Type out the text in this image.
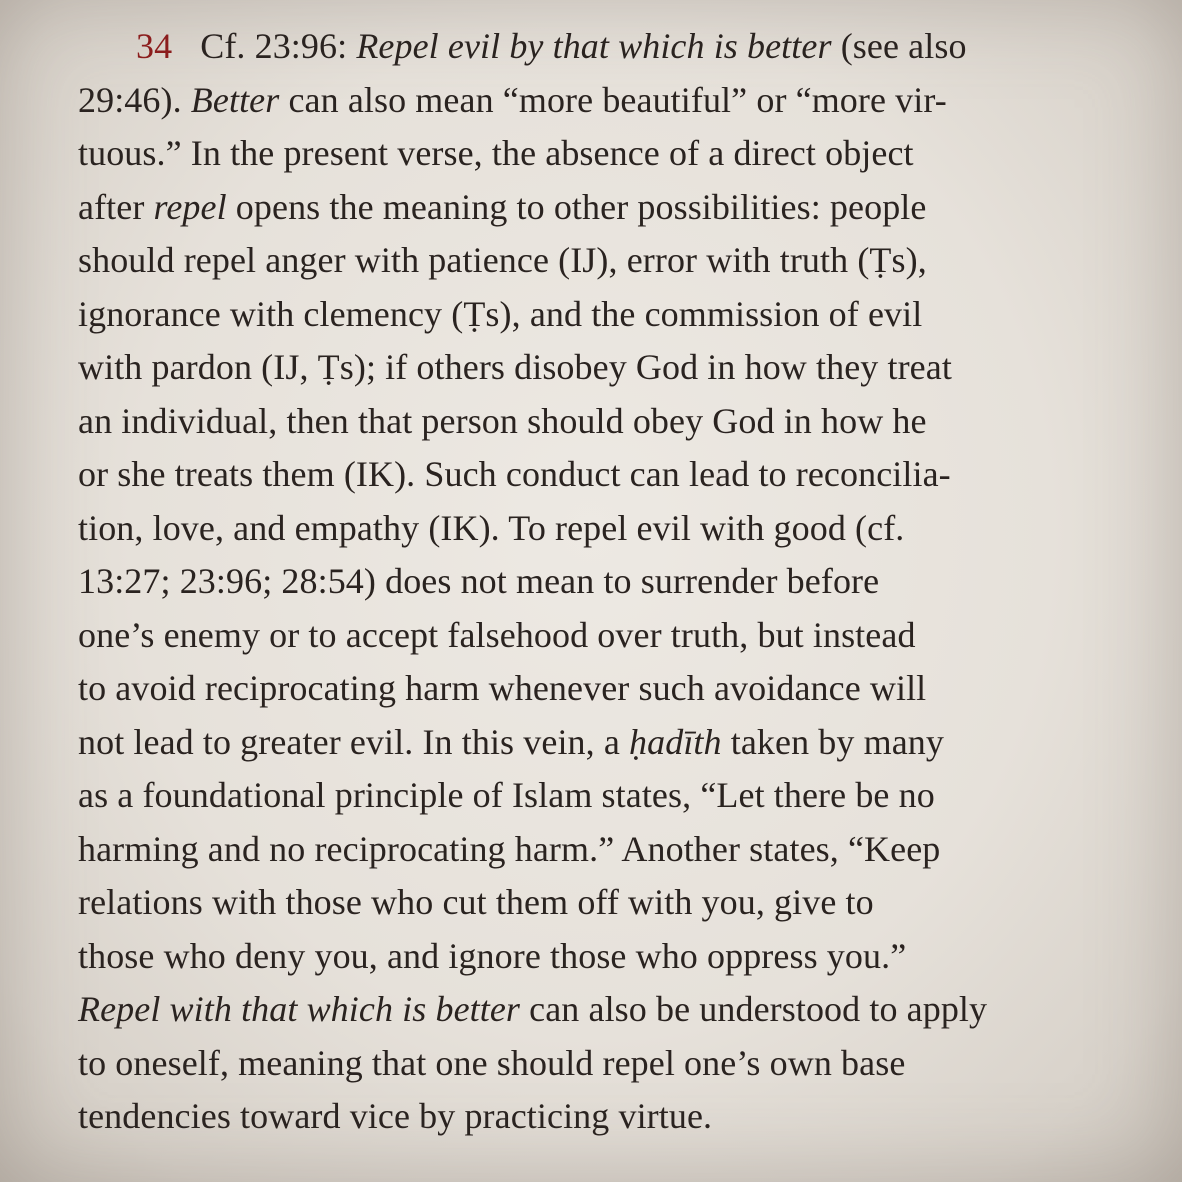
34 Cf. 23:96: Repel evil by that which is better (see also
29:46). Better can also mean “more beautiful” or “more vir-
tuous.” In the present verse, the absence of a direct object
after repel opens the meaning to other possibilities: people
should repel anger with patience (IJ), error with truth (Ṭs),
ignorance with clemency (Ṭs), and the commission of evil
with pardon (IJ, Ṭs); if others disobey God in how they treat
an individual, then that person should obey God in how he
or she treats them (IK). Such conduct can lead to reconcilia-
tion, love, and empathy (IK). To repel evil with good (cf.
13:27; 23:96; 28:54) does not mean to surrender before
one’s enemy or to accept falsehood over truth, but instead
to avoid reciprocating harm whenever such avoidance will
not lead to greater evil. In this vein, a ḥadīth taken by many
as a foundational principle of Islam states, “Let there be no
harming and no reciprocating harm.” Another states, “Keep
relations with those who cut them off with you, give to
those who deny you, and ignore those who oppress you.”
Repel with that which is better can also be understood to apply
to oneself, meaning that one should repel one’s own base
tendencies toward vice by practicing virtue.
